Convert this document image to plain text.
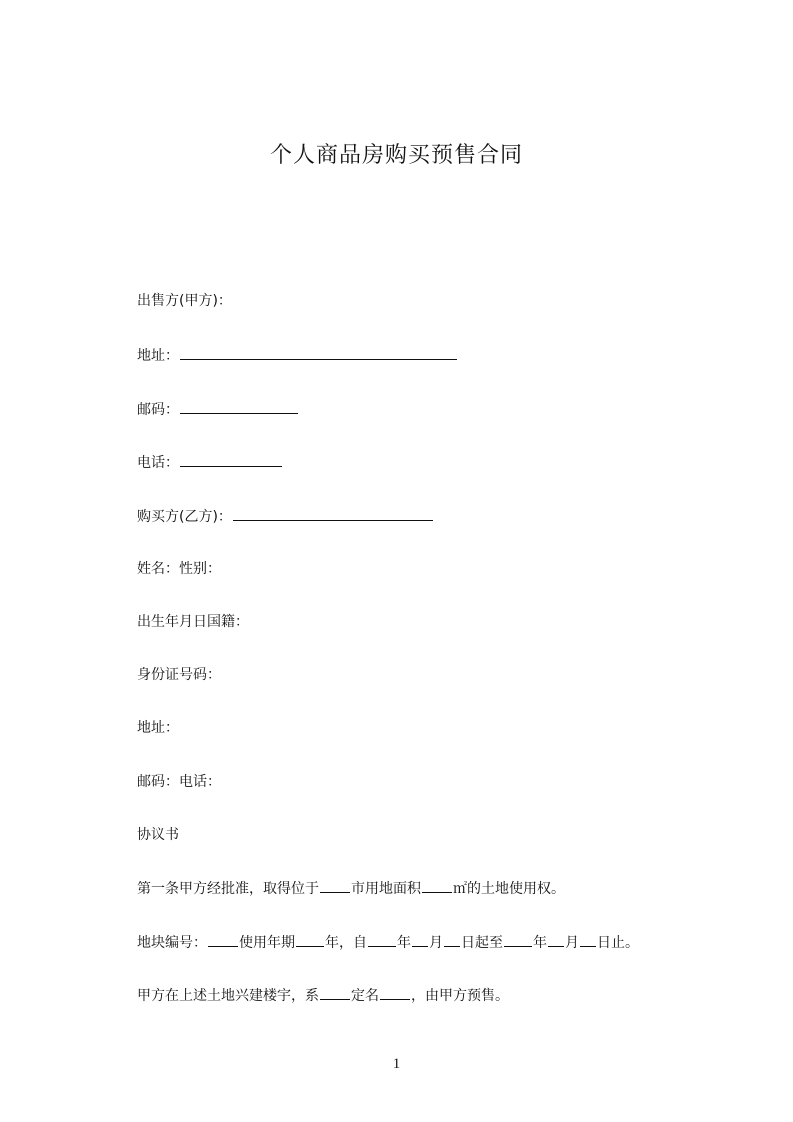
个人商品房购买预售合同
出售方(甲方)：
地址：
邮码：
电话：
购买方(乙方)：
姓名：性别：
出生年月日国籍：
身份证号码：
地址：
邮码：电话：
协议书
第一条甲方经批准，取得位于 市用地面积 ㎡的土地使用权。
地块编号： 使用年期 年，自 年 月 日起至 年 月 日止。
甲方在上述土地兴建楼宇，系 定名 ，由甲方预售。
1
